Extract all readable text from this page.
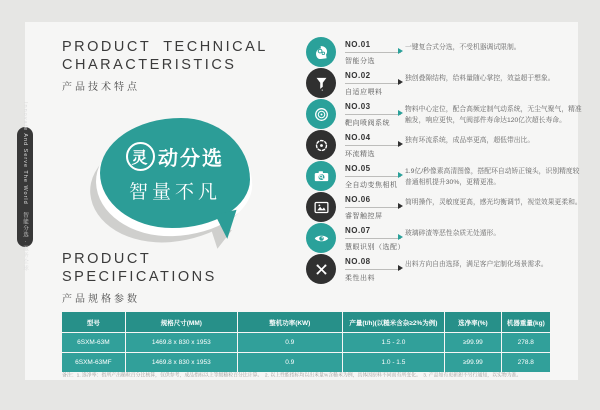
Innovate And Serve The World
智能分选 · 服务全球
PRODUCT TECHNICAL
CHARACTERISTICS
产品技术特点
灵 动分选
智量不凡
NO.01
智能分选
一键复合式分选，不受机器调试限制。
NO.02
自适应喂料
独创叠隙结构，给料量随心掌控，效益超于想象。
NO.03
靶向喷阀系统
物料中心定位，配合高频定制气动系统，无尘气聚气，精准触发，响应更快，气阀部件寿命达120亿次超长寿命。
NO.04
环流精选
独有环流系统，成品率更高，超低带出比。
NO.05
全自动变焦相机
1.9亿/秒像素高清图像，搭配环自动矫正镜头，识别精度较普通相机提升30%，更精更准。
NO.06
睿智触控屏
简明操作，灵敏度更高，感光均衡调节，视觉效果更柔和。
NO.07
慧眼识别（选配）
玻璃碎渣等恶性杂质无处遁形。
NO.08
柔性出料
出料方向自由选择，满足客户定制化场景需求。
PRODUCT
SPECIFICATIONS
产品规格参数
型号	规格尺寸(MM)	整机功率(KW)	产量(t/h)(以糙米含杂≥2%为例)	选净率(%)	机器重量(kg)
6SXM-63M	1469.8 x 830 x 1953	0.9	1.5 - 2.0	≥99.99	278.8
6SXM-63MF	1469.8 x 830 x 1953	0.9	1.0 - 1.5	≥99.99	278.8
备注：1. 选净率：指所产出糙粒百分比核算，仅供参考，成品指标以上等级糙粒百分比计算。　2. 以上性能指标均以出米量%含糙米为例，具体因原料不同而有所变化。　3. 产品如有更新恕不另行通知，以实物为准。
